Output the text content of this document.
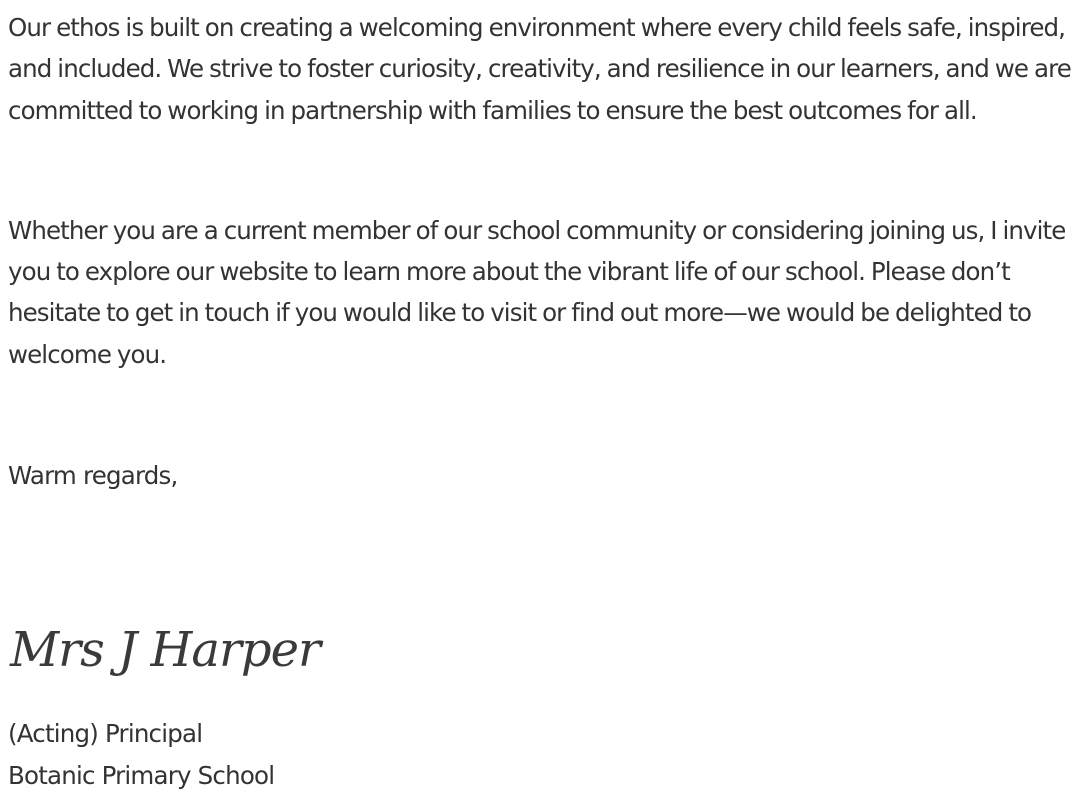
Our ethos is built on creating a welcoming environment where every child feels safe, inspired, and included. We strive to foster curiosity, creativity, and resilience in our learners, and we are committed to working in partnership with families to ensure the best outcomes for all.

Whether you are a current member of our school community or considering joining us, I invite you to explore our website to learn more about the vibrant life of our school. Please don’t hesitate to get in touch if you would like to visit or find out more—we would be delighted to welcome you.

Warm regards,

Mrs J Harper

(Acting) Principal

Botanic Primary School
